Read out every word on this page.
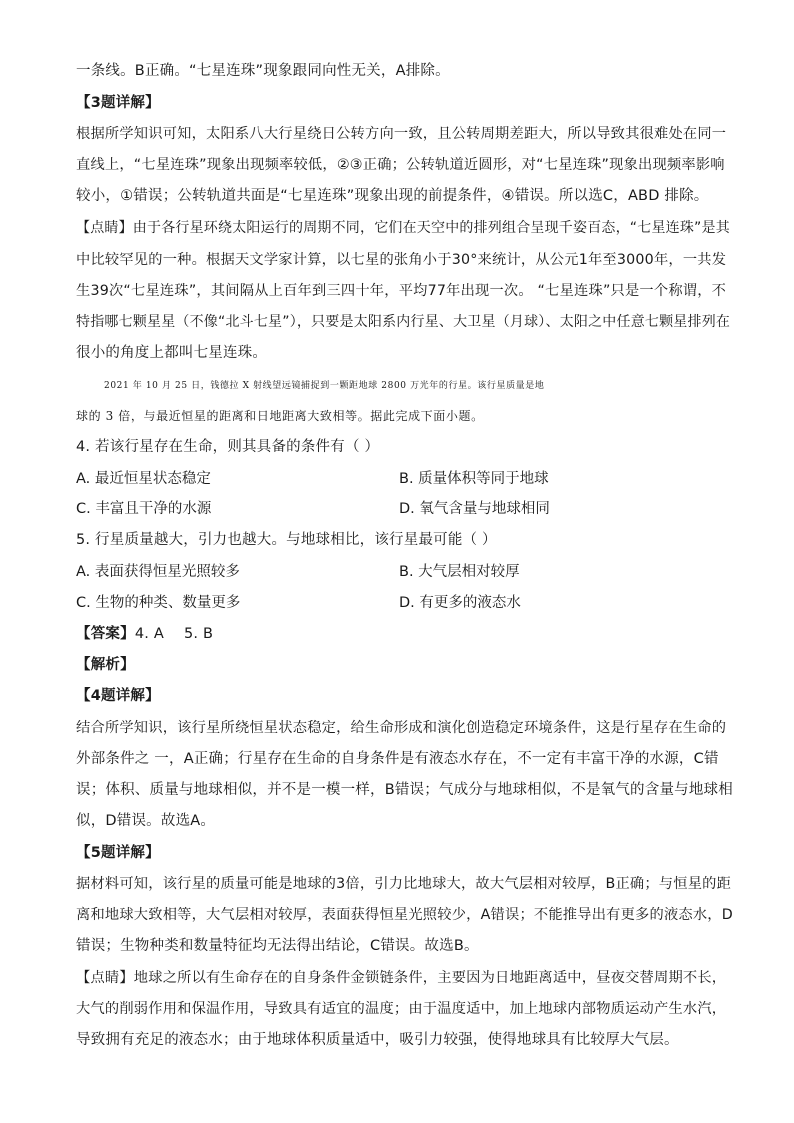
一条线。B正确。“七星连珠”现象跟同向性无关，A排除。
【3题详解】
根据所学知识可知，太阳系八大行星绕日公转方向一致，且公转周期差距大，所以导致其很难处在同一
直线上，“七星连珠”现象出现频率较低，②③正确；公转轨道近圆形，对“七星连珠”现象出现频率影响
较小，①错误；公转轨道共面是“七星连珠”现象出现的前提条件，④错误。所以选C，ABD 排除。
【点睛】由于各行星环绕太阳运行的周期不同，它们在天空中的排列组合呈现千姿百态，“七星连珠”是其
中比较罕见的一种。根据天文学家计算，以七星的张角小于30°来统计，从公元1年至3000年，一共发
生39次“七星连珠”，其间隔从上百年到三四十年，平均77年出现一次。 “七星连珠”只是一个称谓，不
特指哪七颗星星（不像“北斗七星”），只要是太阳系内行星、大卫星（月球）、太阳之中任意七颗星排列在
很小的角度上都叫七星连珠。
2021 年 10 月 25 日，钱德拉 X 射线望远镜捕捉到一颗距地球 2800 万光年的行星。该行星质量是地
球的 3 倍，与最近恒星的距离和日地距离大致相等。据此完成下面小题。
4. 若该行星存在生命，则其具备的条件有（ ）
A. 最近恒星状态稳定	B. 质量体积等同于地球
C. 丰富且干净的水源	D. 氧气含量与地球相同
5. 行星质量越大，引力也越大。与地球相比，该行星最可能（ ）
A. 表面获得恒星光照较多	B. 大气层相对较厚
C. 生物的种类、数量更多	D. 有更多的液态水
【答案】4. A 5. B
【解析】
【4题详解】
结合所学知识，该行星所绕恒星状态稳定，给生命形成和演化创造稳定环境条件，这是行星存在生命的
外部条件之 一，A正确；行星存在生命的自身条件是有液态水存在，不一定有丰富干净的水源，C错
误；体积、质量与地球相似，并不是一模一样，B错误；气成分与地球相似，不是氧气的含量与地球相
似，D错误。故选A。
【5题详解】
据材料可知，该行星的质量可能是地球的3倍，引力比地球大，故大气层相对较厚，B正确；与恒星的距
离和地球大致相等，大气层相对较厚，表面获得恒星光照较少，A错误；不能推导出有更多的液态水，D
错误；生物种类和数量特征均无法得出结论，C错误。故选B。
【点睛】地球之所以有生命存在的自身条件金锁链条件，主要因为日地距离适中，昼夜交替周期不长，
大气的削弱作用和保温作用，导致具有适宜的温度；由于温度适中，加上地球内部物质运动产生水汽，
导致拥有充足的液态水；由于地球体积质量适中，吸引力较强，使得地球具有比较厚大气层。
